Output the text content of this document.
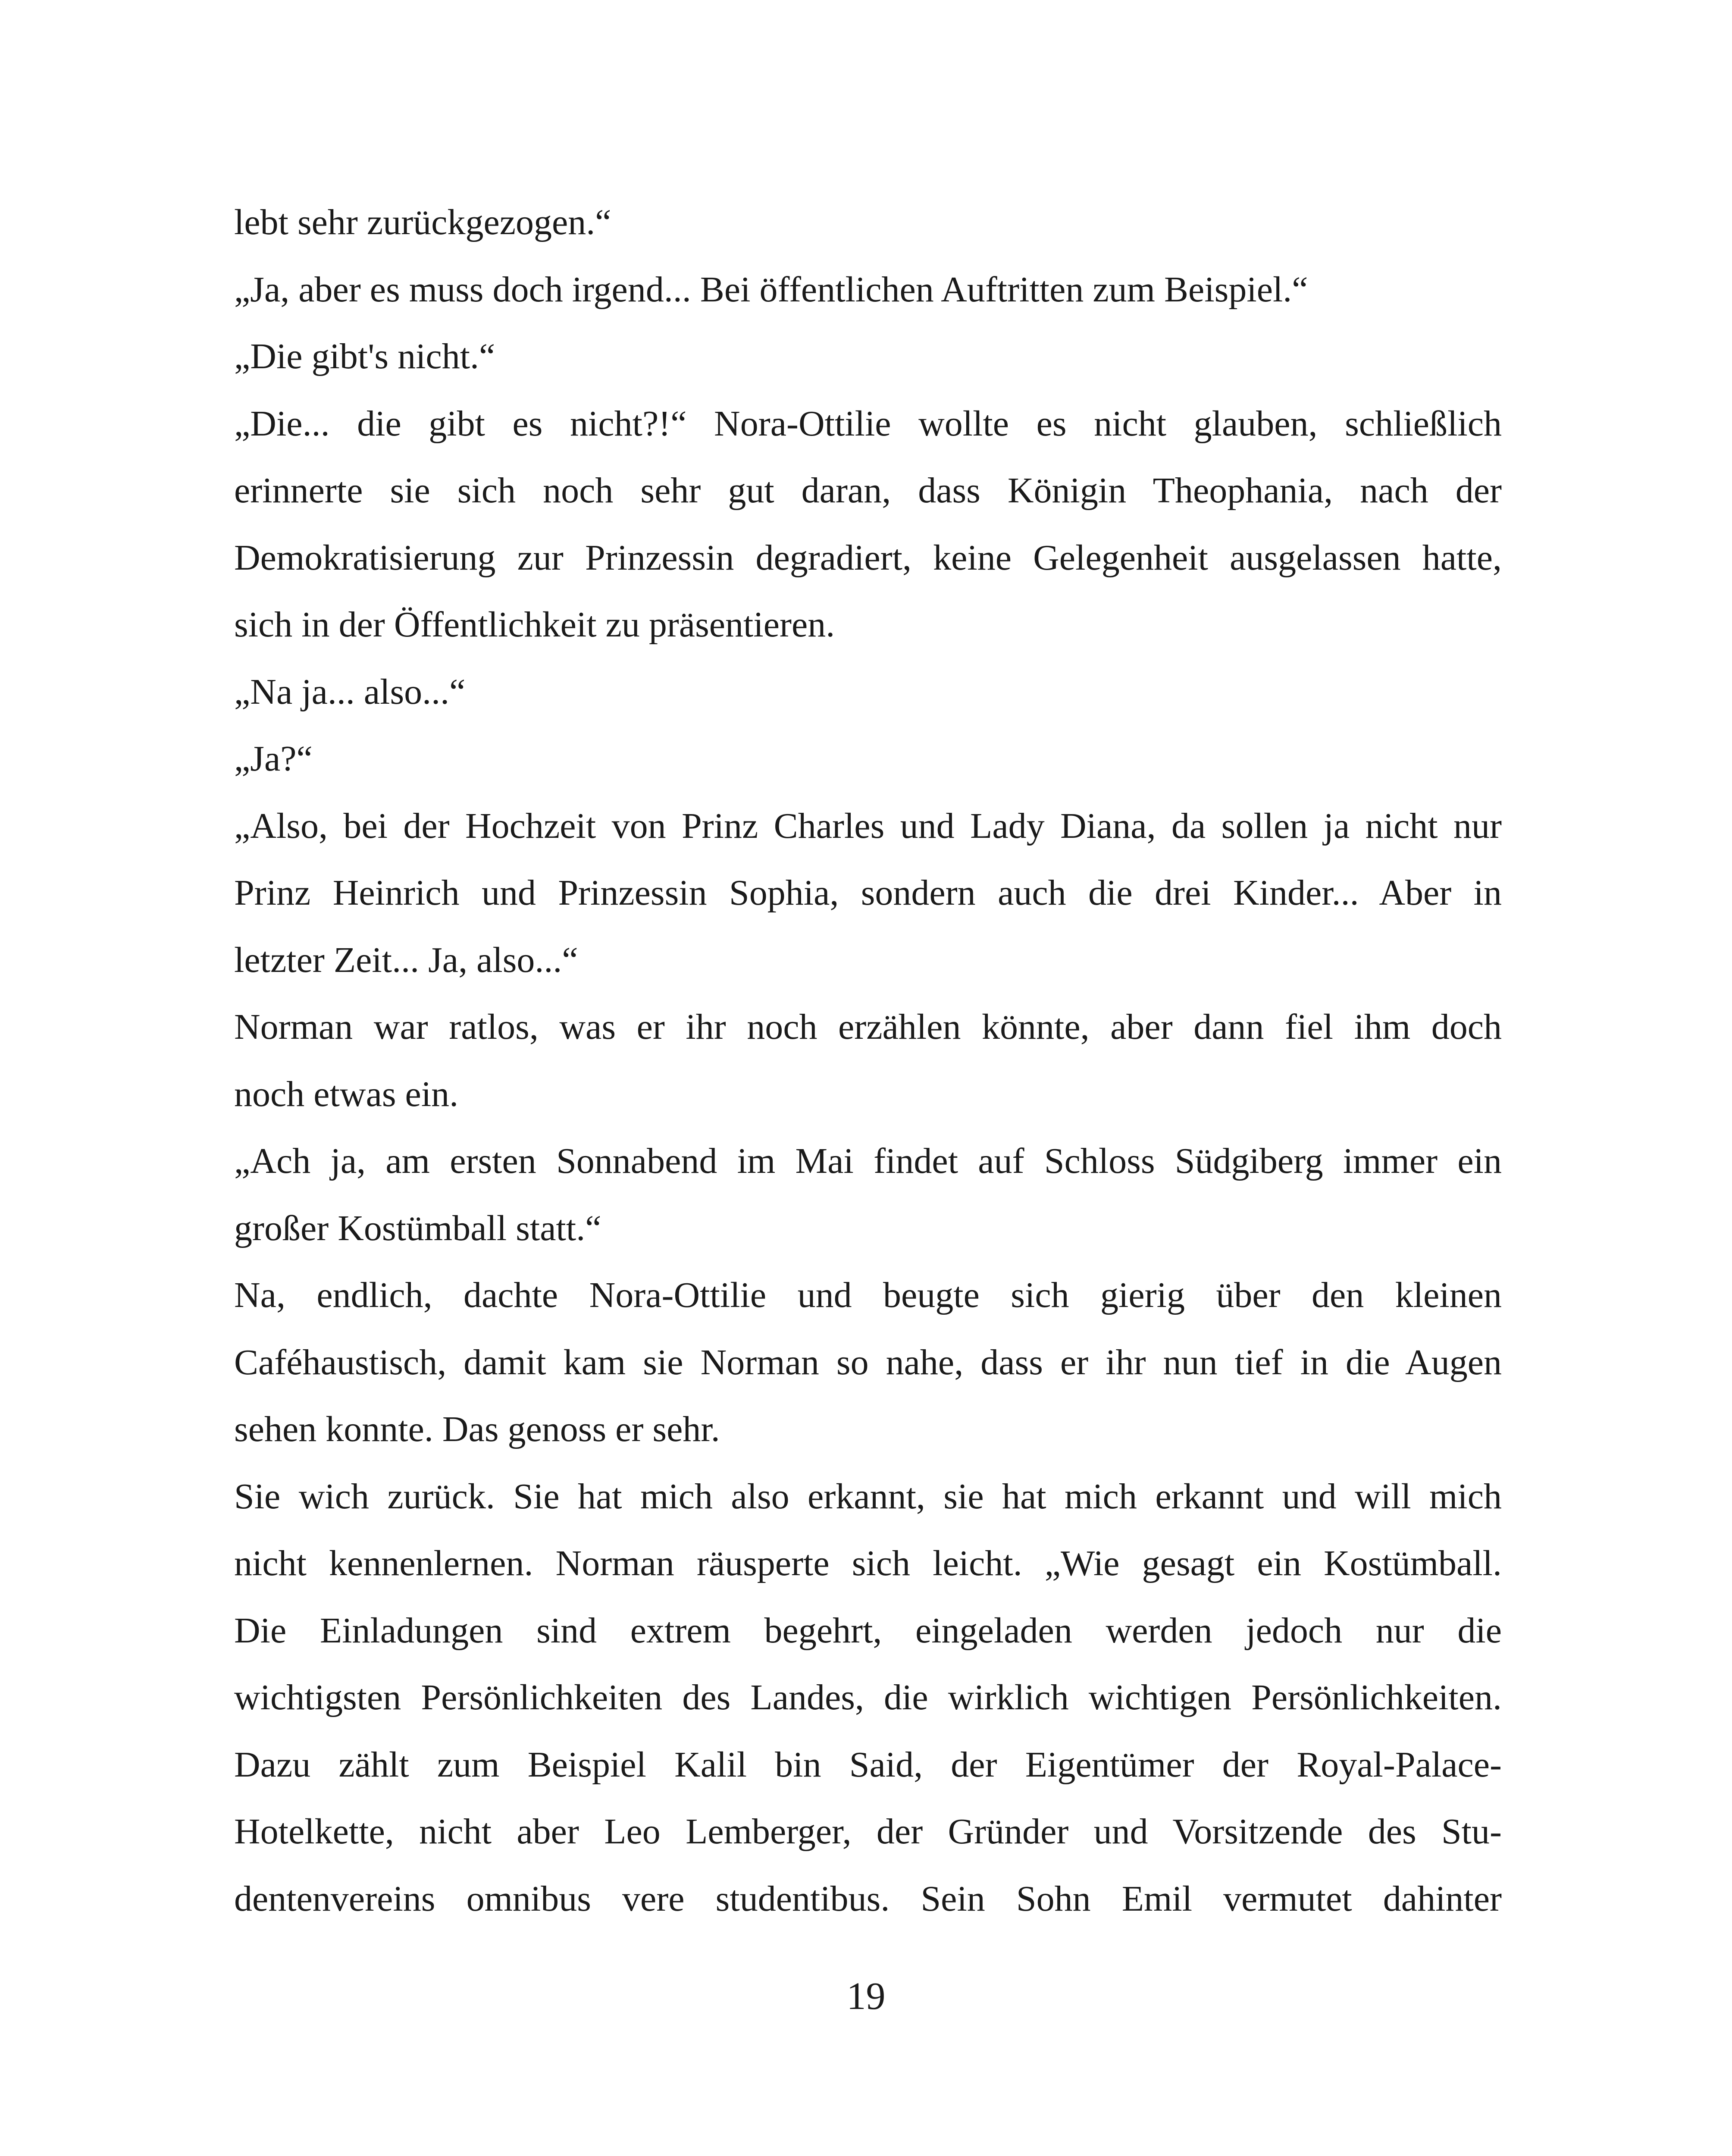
lebt sehr zurückgezogen.“
„Ja, aber es muss doch irgend... Bei öffentlichen Auftritten zum Beispiel.“
„Die gibt's nicht.“
„Die... die gibt es nicht?!“ Nora-Ottilie wollte es nicht glauben, schließlich
erinnerte sie sich noch sehr gut daran, dass Königin Theophania, nach der
Demokratisierung zur Prinzessin degradiert, keine Gelegenheit ausgelassen hatte,
sich in der Öffentlichkeit zu präsentieren.
„Na ja... also...“
„Ja?“
„Also, bei der Hochzeit von Prinz Charles und Lady Diana, da sollen ja nicht nur
Prinz Heinrich und Prinzessin Sophia, sondern auch die drei Kinder... Aber in
letzter Zeit... Ja, also...“
Norman war ratlos, was er ihr noch erzählen könnte, aber dann fiel ihm doch
noch etwas ein.
„Ach ja, am ersten Sonnabend im Mai findet auf Schloss Südgiberg immer ein
großer Kostümball statt.“
Na, endlich, dachte Nora-Ottilie und beugte sich gierig über den kleinen
Caféhaustisch, damit kam sie Norman so nahe, dass er ihr nun tief in die Augen
sehen konnte. Das genoss er sehr.
Sie wich zurück. Sie hat mich also erkannt, sie hat mich erkannt und will mich
nicht kennenlernen. Norman räusperte sich leicht. „Wie gesagt ein Kostümball.
Die Einladungen sind extrem begehrt, eingeladen werden jedoch nur die
wichtigsten Persönlichkeiten des Landes, die wirklich wichtigen Persönlichkeiten.
Dazu zählt zum Beispiel Kalil bin Said, der Eigentümer der Royal-Palace-
Hotelkette, nicht aber Leo Lemberger, der Gründer und Vorsitzende des Stu-
dentenvereins omnibus vere studentibus. Sein Sohn Emil vermutet dahinter
19
